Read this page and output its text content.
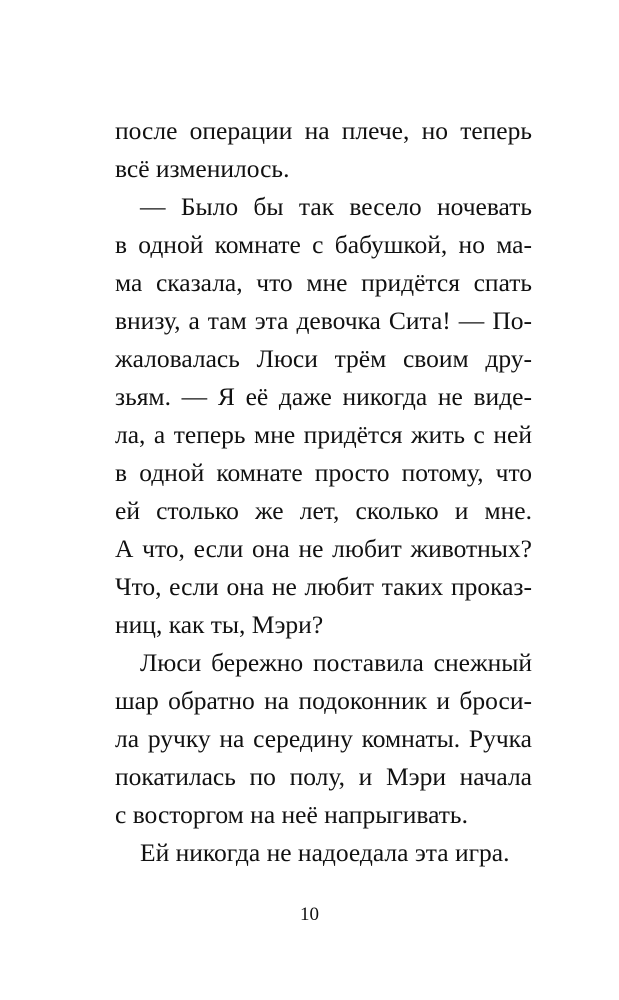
после операции на плече, но теперь
всё изменилось.
— Было бы так весело ночевать
в одной комнате с бабушкой, но ма-
ма сказала, что мне придётся спать
внизу, а там эта девочка Сита! — По-
жаловалась Люси трём своим дру-
зьям. — Я её даже никогда не виде-
ла, а теперь мне придётся жить с ней
в одной комнате просто потому, что
ей столько же лет, сколько и мне.
А что, если она не любит животных?
Что, если она не любит таких проказ-
ниц, как ты, Мэри?
Люси бережно поставила снежный
шар обратно на подоконник и броси-
ла ручку на середину комнаты. Ручка
покатилась по полу, и Мэри начала
с восторгом на неё напрыгивать.
Ей никогда не надоедала эта игра.
10
